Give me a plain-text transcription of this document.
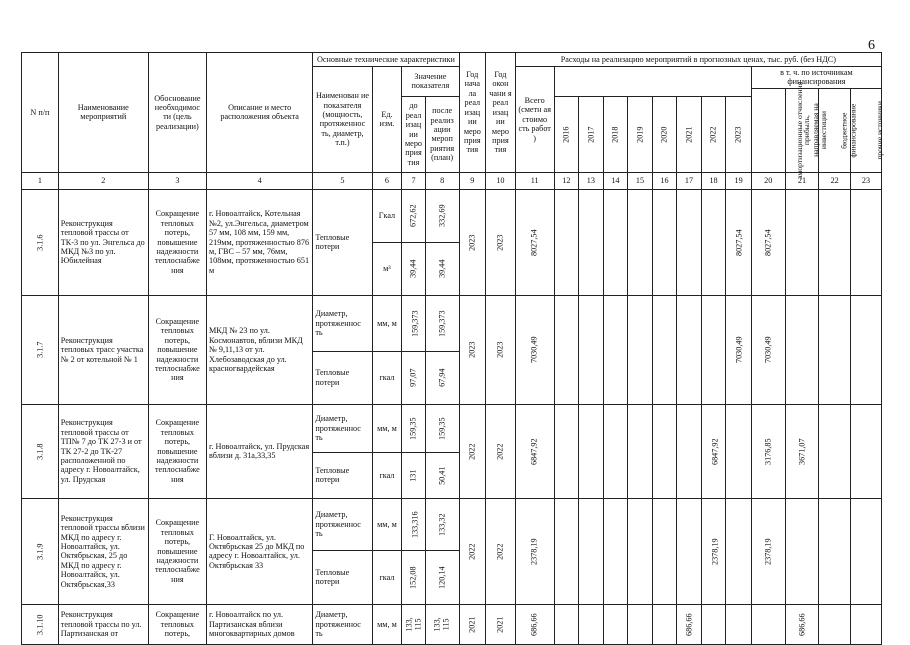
6
N п/п	Наименование мероприятий	Обоснование необходимос ти (цель реализации)	Описание и место расположения объекта	Основные технические характеристики				Год нача ла реал изац ии меро прия тия	Год окон чани я реал изац ии меро прия тия	Расходы на реализацию мероприятий в прогнозных ценах, тыс. руб. (без НДС)												
				Наименован ие показателя (мощность, протяженнос ть, диаметр, т.п.)	Ед. изм.	Значение показателя				Всего (сметн ая стоимо сть работ )									в т. ч. по источникам финансирования			
																			амортизационные отчисления	прибыль, направляемая на инвестиции	бюджетное финансирование	прочие источники
						до реал изац ии меро прия тия	после реализ ации мероп риятия (план)				2016	2017	2018	2019	2020	2021	2022	2023				
1	2	3	4	5	6	7	8	9	10	11	12	13	14	15	16	17	18	19	20	21	22	23
3.1.6	Реконструкция тепловой трассы от ТК-3 по ул. Энгельса до МКД №3 по ул. Юбилейная	Сокращение тепловых потерь, повышение надежности теплоснабже ния	г. Новоалтайск, Котельная №2, ул.Энгельса, диаметром 57 мм, 108 мм, 159 мм, 219мм, протяженностью 876 м, ГВС – 57 мм, 76мм, 108мм, протяженностью 651 м	Тепловые потери	Гкал	672,62	332,69	2023	2023	8027,54								8027,54	8027,54			
					м³	39,44	39,44															
3.1.7	Реконструкция тепловых трасс участка № 2 от котельной № 1	Сокращение тепловых потерь, повышение надежности теплоснабже ния	МКД № 23 по ул. Космонавтов, вблизи МКД № 9,11,13 от ул. Хлебозаводская до ул. красногвардейская	Диаметр, протяженнос ть	мм, м	159,373	159,373	2023	2023	7030,49								7030,49	7030,49			
				Тепловые потери	гкал	97,07	67,94															
3.1.8	Реконструкция тепловой трассы от ТП№ 7 до ТК 27-3 и от ТК 27-2 до ТК-27 расположенной по адресу г. Новоалтайск, ул. Прудская	Сокращение тепловых потерь, повышение надежности теплоснабже ния	г. Новоалтайск, ул. Прудская вблизи д. 31а,33,35	Диаметр, протяженнос ть	мм, м	159,35	159,35	2022	2022	6847,92							6847,92		3176,85	3671,07		
				Тепловые потери	гкал	131	50,41															
3.1.9	Реконструкция тепловой трассы вблизи МКД по адресу г. Новоалтайск, ул. Октябрьская, 25 до МКД по адресу г. Новоалтайск, ул. Октябрьская,33	Сокращение тепловых потерь, повышение надежности теплоснабже ния	Г. Новоалтайск, ул. Октябрьская 25 до МКД по адресу г. Новоалтайск, ул. Октябрьская 33	Диаметр, протяженнос ть	мм, м	133,316	133,32	2022	2022	2378,19							2378,19		2378,19			
				Тепловые потери	гкал	152,08	120,14															
3.1.10	Реконструкция тепловой трассы по ул. Партизанская от	Сокращение тепловых потерь,	г. Новоалтайск по ул. Партизанская вблизи многоквартирных домов	Диаметр, протяженнос ть	мм, м	133, 115	133, 115	2021	2021	686,66						686,66				686,66		
